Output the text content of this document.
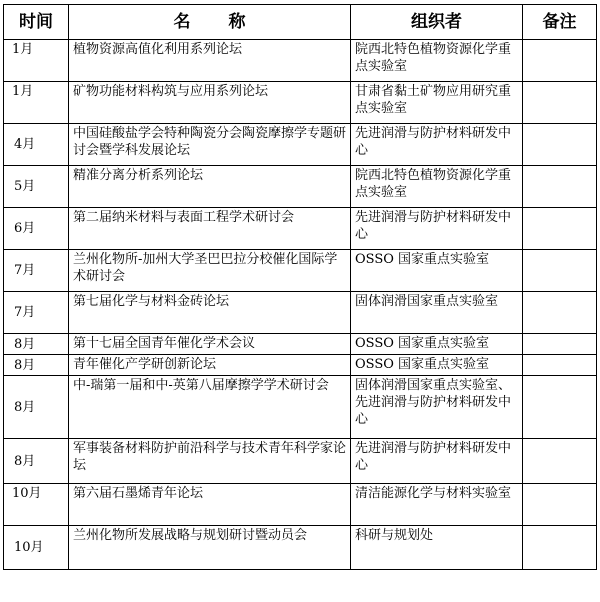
时间	名称	组织者	备注
1月	植物资源高值化利用系列论坛	院西北特色植物资源化学重点实验室	
1月	矿物功能材料构筑与应用系列论坛	甘肃省黏土矿物应用研究重点实验室	
4月	中国硅酸盐学会特种陶瓷分会陶瓷摩擦学专题研讨会暨学科发展论坛	先进润滑与防护材料研发中心	
5月	精准分离分析系列论坛	院西北特色植物资源化学重点实验室	
6月	第二届纳米材料与表面工程学术研讨会	先进润滑与防护材料研发中心	
7月	兰州化物所-加州大学圣巴巴拉分校催化国际学术研讨会	OSSO 国家重点实验室	
7月	第七届化学与材料金砖论坛	固体润滑国家重点实验室	
8月	第十七届全国青年催化学术会议	OSSO 国家重点实验室	
8月	青年催化产学研创新论坛	OSSO 国家重点实验室	
8月	中-瑞第一届和中-英第八届摩擦学学术研讨会	固体润滑国家重点实验室、先进润滑与防护材料研发中心	
8月	军事装备材料防护前沿科学与技术青年科学家论坛	先进润滑与防护材料研发中心	
10月	第六届石墨烯青年论坛	清洁能源化学与材料实验室	
10月	兰州化物所发展战略与规划研讨暨动员会	科研与规划处	
